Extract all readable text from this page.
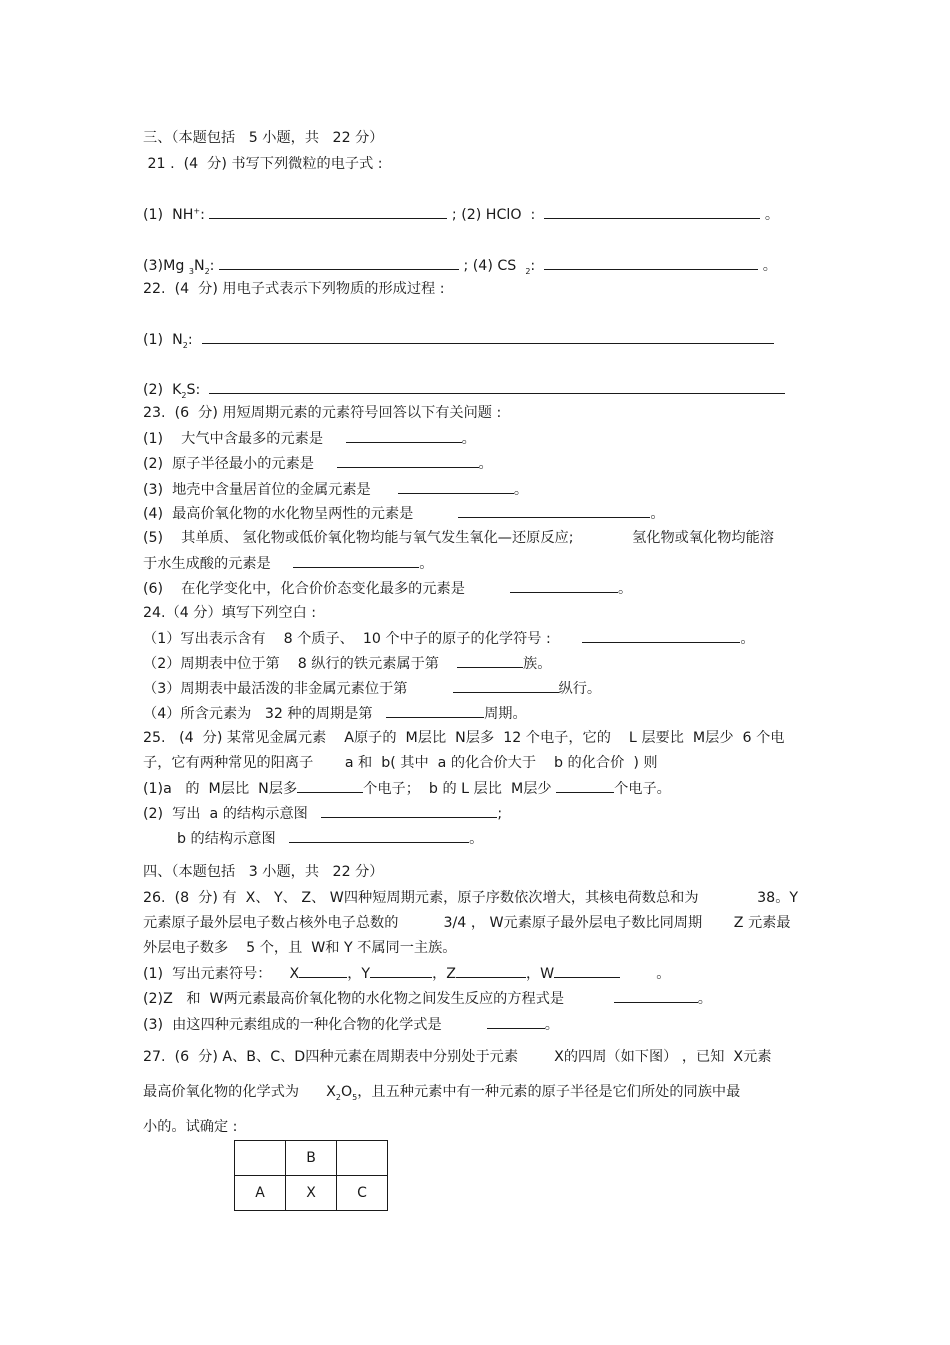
三、（本题包括   5 小题，共   22 分）
21 .  (4  分) 书写下列微粒的电子式 :
(1)  NH+:	; (2) HClO  :	。
(3)Mg $_3N_2$:	; (4) CS  $_2$:	。
22.  (4  分) 用电子式表示下列物质的形成过程 :
(1)  $N_2$:
(2)  $K_2S$:
23.  (6  分) 用短周期元素的元素符号回答以下有关问题 :
(1)    大气中含最多的元素是	。
(2)  原子半径最小的元素是	。
(3)  地壳中含量居首位的金属元素是	。
(4)  最高价氧化物的水化物呈两性的元素是	。
(5)    其单质、 氢化物或低价氧化物均能与氧气发生氧化—还原反应;             氢化物或氧化物均能溶
于水生成酸的元素是	。
(6)    在化学变化中，化合价价态变化最多的元素是	。
24.（4 分）填写下列空白 :
（1）写出表示含有    8 个质子、  10 个中子的原子的化学符号 :	。
（2）周期表中位于第    8 纵行的铁元素属于第	族。
（3）周期表中最活泼的非金属元素位于第	纵行。
（4）所含元素为   32 种的周期是第	周期。
25.   (4  分) 某常见金属元素    A原子的  M层比  N层多  12 个电子，它的    L 层要比  M层少  6 个电
子，它有两种常见的阳离子       a 和  b( 其中  a 的化合价大于    b 的化合价  ) 则
(1)a   的  M层比  N层多	个电子；  b 的 L 层比  M层少	个电子。
(2)  写出  a 的结构示意图	;
b 的结构示意图	。
四、（本题包括   3 小题，共   22 分）
26.  (8  分) 有  X、 Y、 Z、 W四种短周期元素，原子序数依次增大，其核电荷数总和为             38。Y
元素原子最外层电子数占核外电子总数的          3/4 ， W元素原子最外层电子数比同周期       Z 元素最
外层电子数多    5 个，且  W和 Y 不属同一主族。
(1)  写出元素符号：    X	，Y	，Z	，W	。
(2)Z   和  W两元素最高价氧化物的水化物之间发生反应的方程式是	。
(3)  由这四种元素组成的一种化合物的化学式是	。
27.  (6  分) A、B、C、D四种元素在周期表中分别处于元素        X的四周（如下图） ，已知  X元素
最高价氧化物的化学式为      $X_2O_5$，且五种元素中有一种元素的原子半径是它们所处的同族中最
小的。试确定 :
	B	
A	X	C
